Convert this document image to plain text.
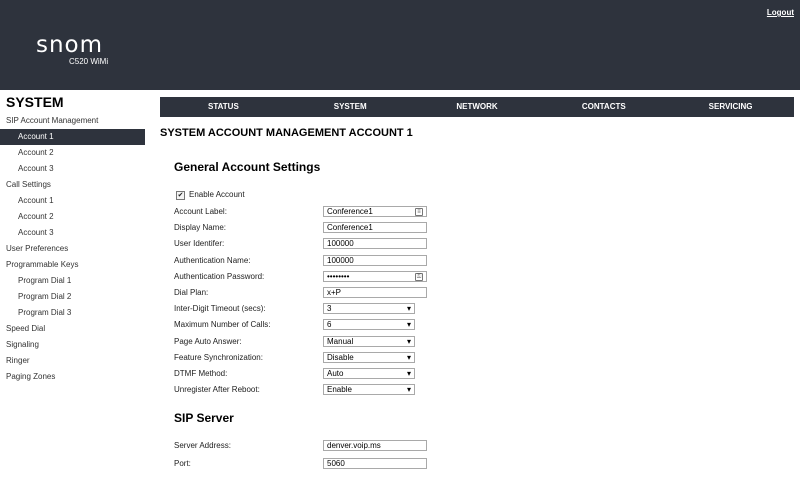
snom
C520 WiMi
Logout
SYSTEM
SIP Account Management
Account 1
Account 2
Account 3
Call Settings
Account 1
Account 2
Account 3
User Preferences
Programmable Keys
Program Dial 1
Program Dial 2
Program Dial 3
Speed Dial
Signaling
Ringer
Paging Zones
STATUS	SYSTEM	NETWORK	CONTACTS	SERVICING
SYSTEM ACCOUNT MANAGEMENT ACCOUNT 1
General Account Settings
✔ Enable Account
Account Label:	Conference1	≡
Display Name:	Conference1
User Identifer:	100000
Authentication Name:	100000
Authentication Password:	••••••••	⚿
Dial Plan:	x+P
Inter-Digit Timeout (secs):	3 ▾
Maximum Number of Calls:	6 ▾
Page Auto Answer:	Manual ▾
Feature Synchronization:	Disable ▾
DTMF Method:	Auto ▾
Unregister After Reboot:	Enable ▾
SIP Server
Server Address:	denver.voip.ms
Port:	5060
